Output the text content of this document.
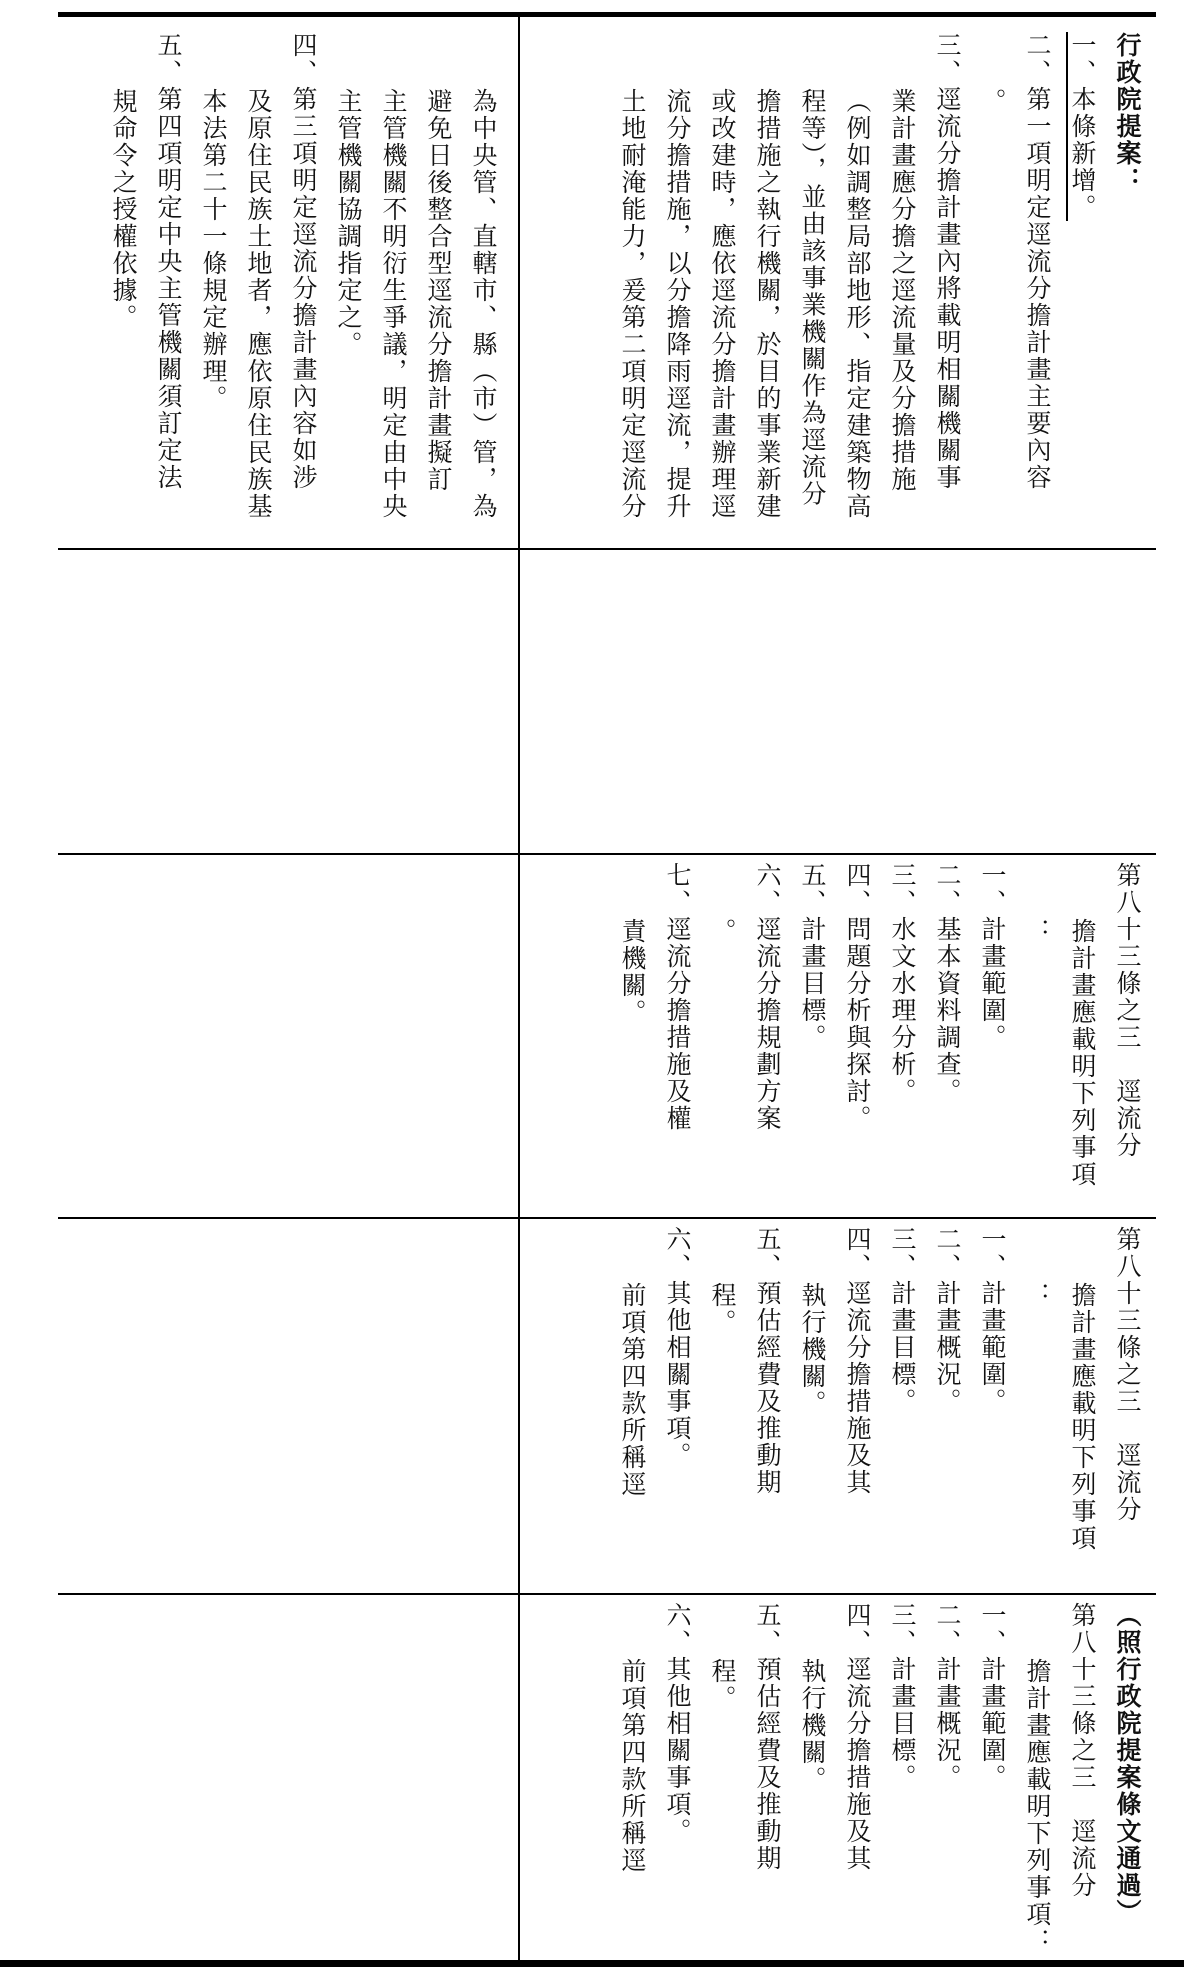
為中央管、直轄市、縣（市）管，為

避免日後整合型逕流分擔計畫擬訂

主管機關不明衍生爭議，明定由中央

主管機關協調指定之。

四、第三項明定逕流分擔計畫內容如涉

及原住民族土地者，應依原住民族基

本法第二十一條規定辦理。

五、第四項明定中央主管機關須訂定法

規命令之授權依據。	行政院提案：

一、本條新增。

二、第一項明定逕流分擔計畫主要內容

。

三、逕流分擔計畫內將載明相關機關事

業計畫應分擔之逕流量及分擔措施

（例如調整局部地形、指定建築物高

程等），並由該事業機關作為逕流分

擔措施之執行機關，於目的事業新建

或改建時，應依逕流分擔計畫辦理逕

流分擔措施，以分擔降雨逕流，提升

土地耐淹能力，爰第二項明定逕流分

第八十三條之三　逕流分

擔計畫應載明下列事項

：

一、計畫範圍。

二、基本資料調查。

三、水文水理分析。

四、問題分析與探討。

五、計畫目標。

六、逕流分擔規劃方案

。

七、逕流分擔措施及權

責機關。

第八十三條之三　逕流分

擔計畫應載明下列事項

：

一、計畫範圍。

二、計畫概況。

三、計畫目標。

四、逕流分擔措施及其

執行機關。

五、預估經費及推動期

程。

六、其他相關事項。

前項第四款所稱逕

（照行政院提案條文通過）

第八十三條之三　逕流分

擔計畫應載明下列事項：

一、計畫範圍。

二、計畫概況。

三、計畫目標。

四、逕流分擔措施及其

執行機關。

五、預估經費及推動期

程。

六、其他相關事項。

前項第四款所稱逕
